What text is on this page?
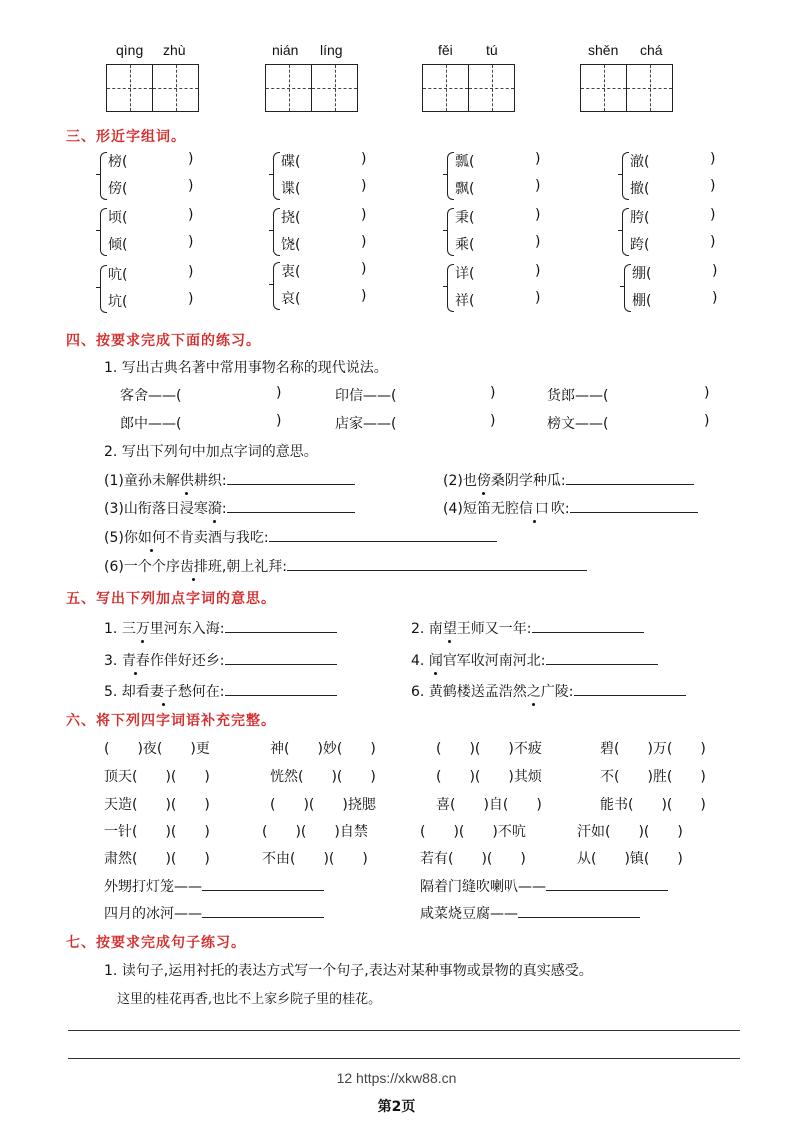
qìng zhù	nián líng	fěi tú	shěn chá
三、形近字组词。
榜(	)
傍(	)
碟(	)
谍(	)
瓢(	)
飘(	)
澈(	)
撤(	)
顷(	)
倾(	)
挠(	)
饶(	)
秉(	)
乘(	)
胯(	)
跨(	)
吭(	)
坑(	)
衷(	)
哀(	)
详(	)
祥(	)
绷(	)
棚(	)
四、按要求完成下面的练习。
1. 写出古典名著中常用事物名称的现代说法。
客舍——(	)	印信——(	)	货郎——(	)
郎中——(	)	店家——(	)	榜文——(	)
2. 写出下列句中加点字词的意思。
(1)童孙未解供耕织:	(2)也傍桑阴学种瓜:
(3)山衔落日浸寒漪:	(4)短笛无腔信口吹:
(5)你如何不肯卖酒与我吃:
(6)一个个序齿排班,朝上礼拜:
五、写出下列加点字词的意思。
1. 三万里河东入海:	2. 南望王师又一年:
3. 青春作伴好还乡:	4. 闻官军收河南河北:
5. 却看妻子愁何在:	6. 黄鹤楼送孟浩然之广陵:
六、将下列四字词语补充完整。
(　　)夜(　　)更	神(　　)妙(　　)	(　　)(　　)不疲	碧(　　)万(　　)
顶天(　　)(　　)	恍然(　　)(　　)	(　　)(　　)其烦	不(　　)胜(　　)
天造(　　)(　　)	(　　)(　　)挠腮	喜(　　)自(　　)	能书(　　)(　　)
一针(　　)(　　)	(　　)(　　)自禁	(　　)(　　)不吭	汗如(　　)(　　)
肃然(　　)(　　)	不由(　　)(　　)	若有(　　)(　　)	从(　　)镇(　　)
外甥打灯笼——	隔着门缝吹喇叭——
四月的冰河——	咸菜烧豆腐——
七、按要求完成句子练习。
1. 读句子,运用衬托的表达方式写一个句子,表达对某种事物或景物的真实感受。
这里的桂花再香,也比不上家乡院子里的桂花。
12 https://xkw88.cn
第2页
